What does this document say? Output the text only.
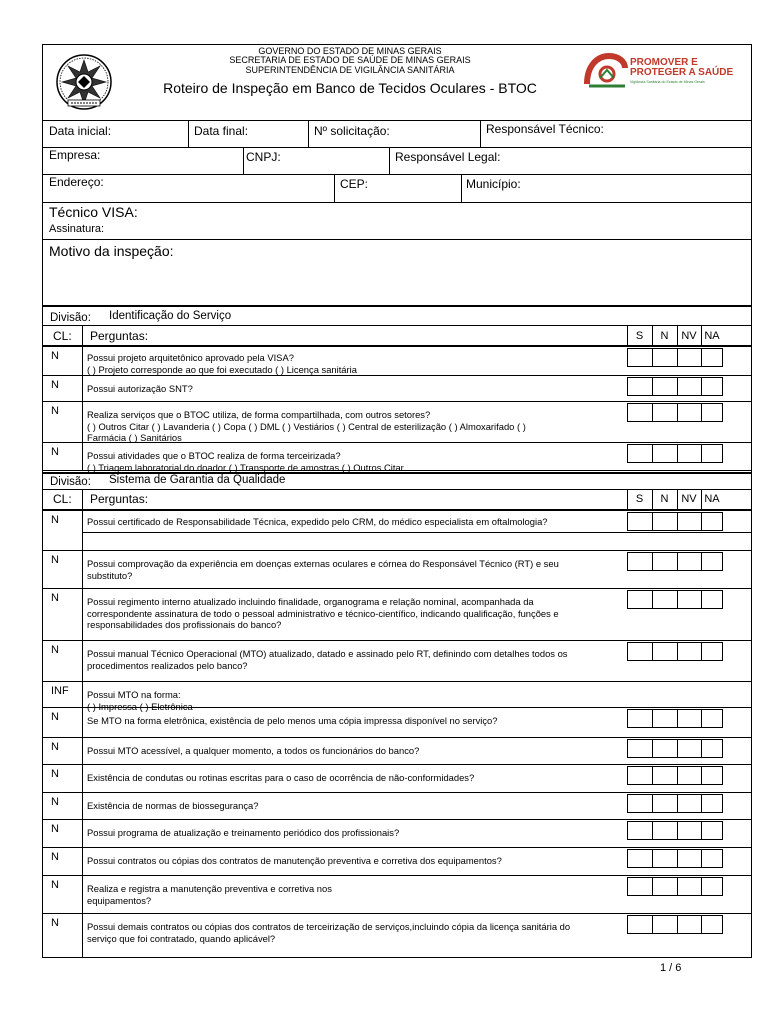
GOVERNO DO ESTADO DE MINAS GERAIS
SECRETARIA DE ESTADO DE SAÚDE DE MINAS GERAIS
SUPERINTENDÊNCIA DE VIGILÂNCIA SANITÁRIA
Roteiro de Inspeção em Banco de Tecidos Oculares - BTOC
PROMOVER E
PROTEGER A SAÚDE
Vigilância Sanitária do Estado de Minas Gerais
Data inicial:	Data final:	Nº solicitação:	Responsável Técnico:
Empresa:	CNPJ:	Responsável Legal:
Endereço:	CEP:	Município:
Técnico VISA:
Assinatura:
Motivo da inspeção:
Divisão: Identificação do Serviço
CL: Perguntas:	S	N	NV NA
N	Possui projeto arquitetônico aprovado pela VISA?
( ) Projeto corresponde ao que foi executado ( ) Licença sanitária
N	Possui autorização SNT?
N	Realiza serviços que o BTOC utiliza, de forma compartilhada, com outros setores?
( ) Outros Citar ( ) Lavanderia ( ) Copa ( ) DML ( ) Vestiários ( ) Central de esterilização ( ) Almoxarifado ( )
Farmácia ( ) Sanitários
N	Possui atividades que o BTOC realiza de forma terceirizada?
( ) Triagem laboratorial do doador ( ) Transporte de amostras ( ) Outros Citar
Divisão: Sistema de Garantia da Qualidade
CL: Perguntas:	S	N	NV NA
N	Possui certificado de Responsabilidade Técnica, expedido pelo CRM, do médico especialista em oftalmologia?
N	Possui comprovação da experiência em doenças externas oculares e córnea do Responsável Técnico (RT) e seu
substituto?
N	Possui regimento interno atualizado incluindo finalidade, organograma e relação nominal, acompanhada da
correspondente assinatura de todo o pessoal administrativo e técnico-científico, indicando qualificação, funções e
responsabilidades dos profissionais do banco?
N	Possui manual Técnico Operacional (MTO) atualizado, datado e assinado pelo RT, definindo com detalhes todos os
procedimentos realizados pelo banco?
INF Possui MTO na forma:
( ) Impressa ( ) Eletrônica
N	Se MTO na forma eletrônica, existência de pelo menos uma cópia impressa disponível no serviço?
N	Possui MTO acessível, a qualquer momento, a todos os funcionários do banco?
N	Existência de condutas ou rotinas escritas para o caso de ocorrência de não-conformidades?
N	Existência de normas de biossegurança?
N	Possui programa de atualização e treinamento periódico dos profissionais?
N	Possui contratos ou cópias dos contratos de manutenção preventiva e corretiva dos equipamentos?
N	Realiza e registra a manutenção preventiva e corretiva nos
equipamentos?
N	Possui demais contratos ou cópias dos contratos de terceirização de serviços,incluindo cópia da licença sanitária do
serviço que foi contratado, quando aplicável?
1 / 6
